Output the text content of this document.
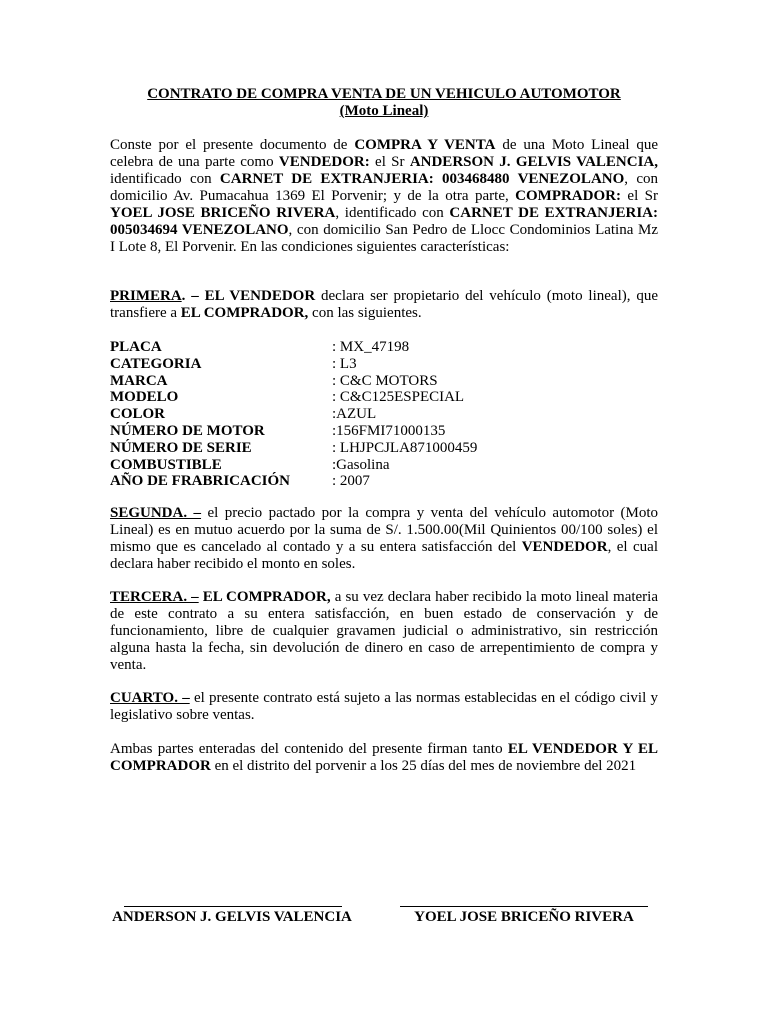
CONTRATO DE COMPRA VENTA DE UN VEHICULO AUTOMOTOR
(Moto Lineal)
Conste por el presente documento de COMPRA Y VENTA de una Moto Lineal que celebra de una parte como VENDEDOR: el Sr ANDERSON J. GELVIS VALENCIA, identificado con CARNET DE EXTRANJERIA: 003468480 VENEZOLANO, con domicilio Av. Pumacahua 1369 El Porvenir; y de la otra parte, COMPRADOR: el Sr YOEL JOSE BRICEÑO RIVERA, identificado con CARNET DE EXTRANJERIA: 005034694 VENEZOLANO, con domicilio San Pedro de Llocc Condominios Latina Mz I Lote 8, El Porvenir. En las condiciones siguientes características:
PRIMERA. – EL VENDEDOR declara ser propietario del vehículo (moto lineal), que transfiere a EL COMPRADOR, con las siguientes.
PLACA	: MX_47198
CATEGORIA	: L3
MARCA	: C&C MOTORS
MODELO	: C&C125ESPECIAL
COLOR	:AZUL
NÚMERO DE MOTOR	:156FMI71000135
NÚMERO DE SERIE	: LHJPCJLA871000459
COMBUSTIBLE	:Gasolina
AÑO DE FRABRICACIÓN	: 2007
SEGUNDA. – el precio pactado por la compra y venta del vehículo automotor (Moto Lineal) es en mutuo acuerdo por la suma de S/. 1.500.00(Mil Quinientos 00/100 soles) el mismo que es cancelado al contado y a su entera satisfacción del VENDEDOR, el cual declara haber recibido el monto en soles.
TERCERA. – EL COMPRADOR, a su vez declara haber recibido la moto lineal materia de este contrato a su entera satisfacción, en buen estado de conservación y de funcionamiento, libre de cualquier gravamen judicial o administrativo, sin restricción alguna hasta la fecha, sin devolución de dinero en caso de arrepentimiento de compra y venta.
CUARTO. – el presente contrato está sujeto a las normas establecidas en el código civil y legislativo sobre ventas.
Ambas partes enteradas del contenido del presente firman tanto EL VENDEDOR Y EL COMPRADOR en el distrito del porvenir a los 25 días del mes de noviembre del 2021
ANDERSON J. GELVIS VALENCIA	YOEL JOSE BRICEÑO RIVERA
